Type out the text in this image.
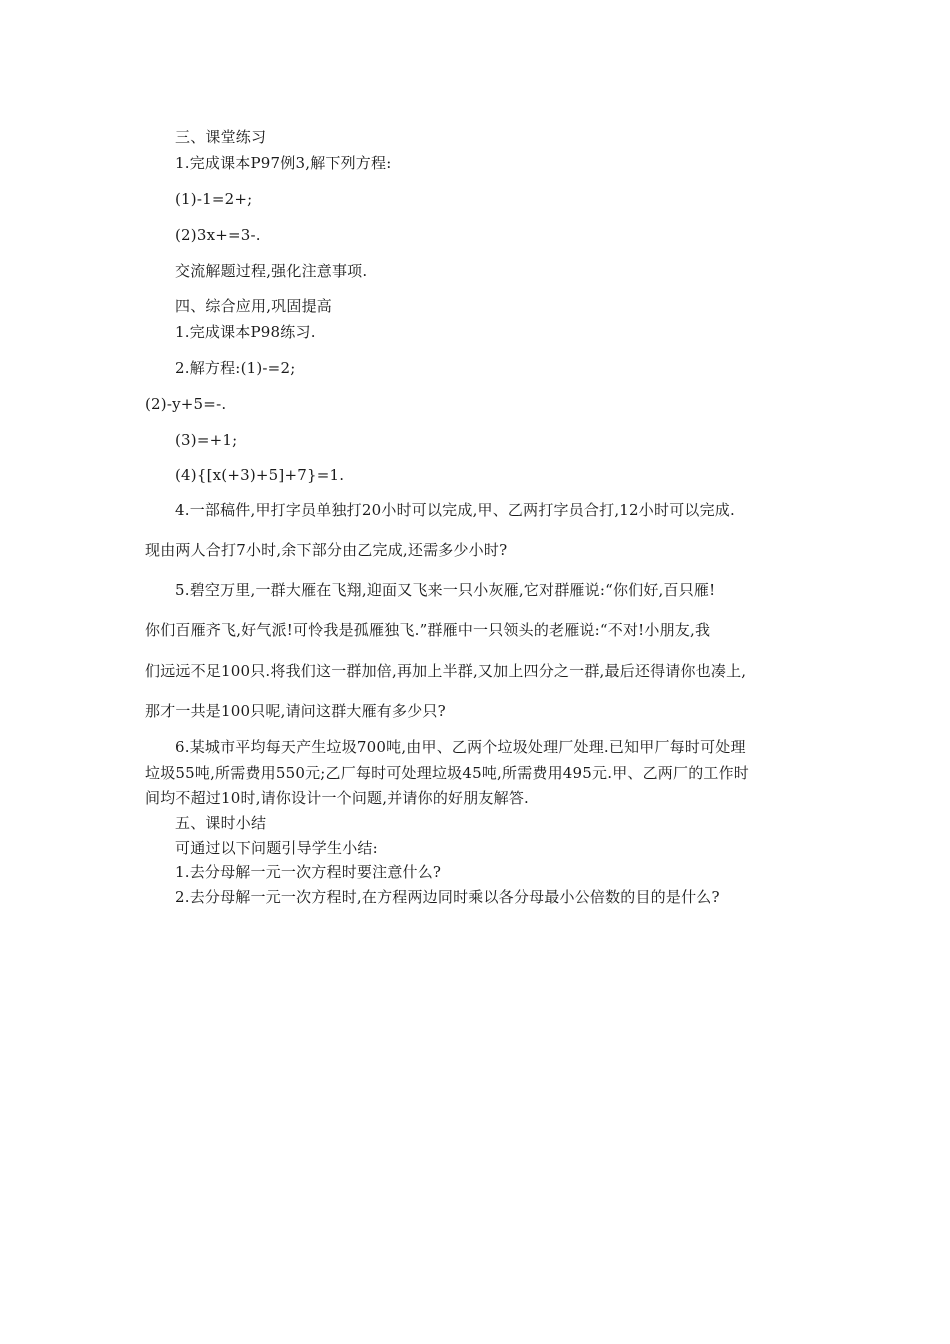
三、课堂练习
1.完成课本P97例3,解下列方程:
(1)-1=2+;
(2)3x+=3-.
交流解题过程,强化注意事项.
四、综合应用,巩固提高
1.完成课本P98练习.
2.解方程:(1)-=2;
(2)-y+5=-.
(3)=+1;
(4){[x(+3)+5]+7}=1.
4.一部稿件,甲打字员单独打20小时可以完成,甲、乙两打字员合打,12小时可以完成.
现由两人合打7小时,余下部分由乙完成,还需多少小时?
5.碧空万里,一群大雁在飞翔,迎面又飞来一只小灰雁,它对群雁说:“你们好,百只雁!
你们百雁齐飞,好气派!可怜我是孤雁独飞.”群雁中一只领头的老雁说:“不对!小朋友,我
们远远不足100只.将我们这一群加倍,再加上半群,又加上四分之一群,最后还得请你也凑上,
那才一共是100只呢,请问这群大雁有多少只?
6.某城市平均每天产生垃圾700吨,由甲、乙两个垃圾处理厂处理.已知甲厂每时可处理
垃圾55吨,所需费用550元;乙厂每时可处理垃圾45吨,所需费用495元.甲、乙两厂的工作时
间均不超过10时,请你设计一个问题,并请你的好朋友解答.
五、课时小结
可通过以下问题引导学生小结:
1.去分母解一元一次方程时要注意什么?
2.去分母解一元一次方程时,在方程两边同时乘以各分母最小公倍数的目的是什么?
